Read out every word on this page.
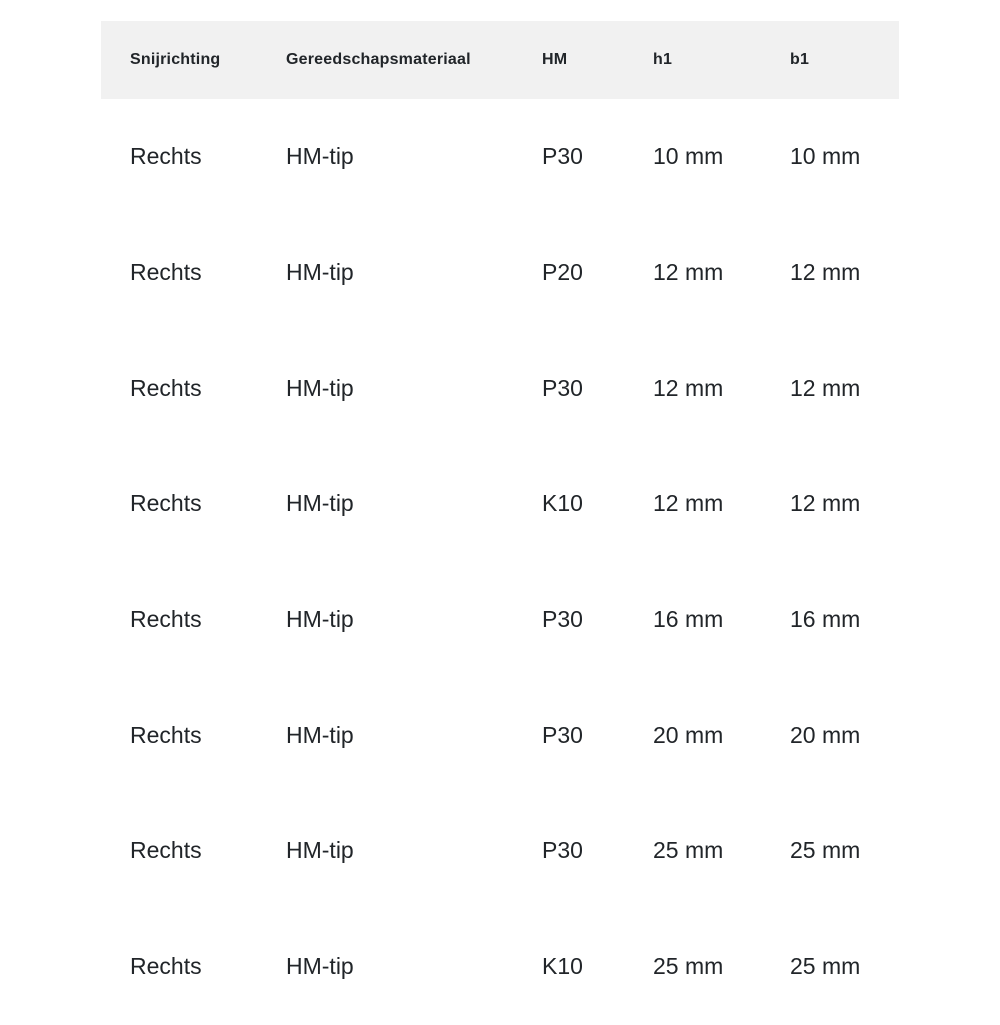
Snijrichting	Gereedschapsmateriaal	HM	h1	b1
Rechts	HM-tip	P30	10 mm	10 mm
Rechts	HM-tip	P20	12 mm	12 mm
Rechts	HM-tip	P30	12 mm	12 mm
Rechts	HM-tip	K10	12 mm	12 mm
Rechts	HM-tip	P30	16 mm	16 mm
Rechts	HM-tip	P30	20 mm	20 mm
Rechts	HM-tip	P30	25 mm	25 mm
Rechts	HM-tip	K10	25 mm	25 mm
